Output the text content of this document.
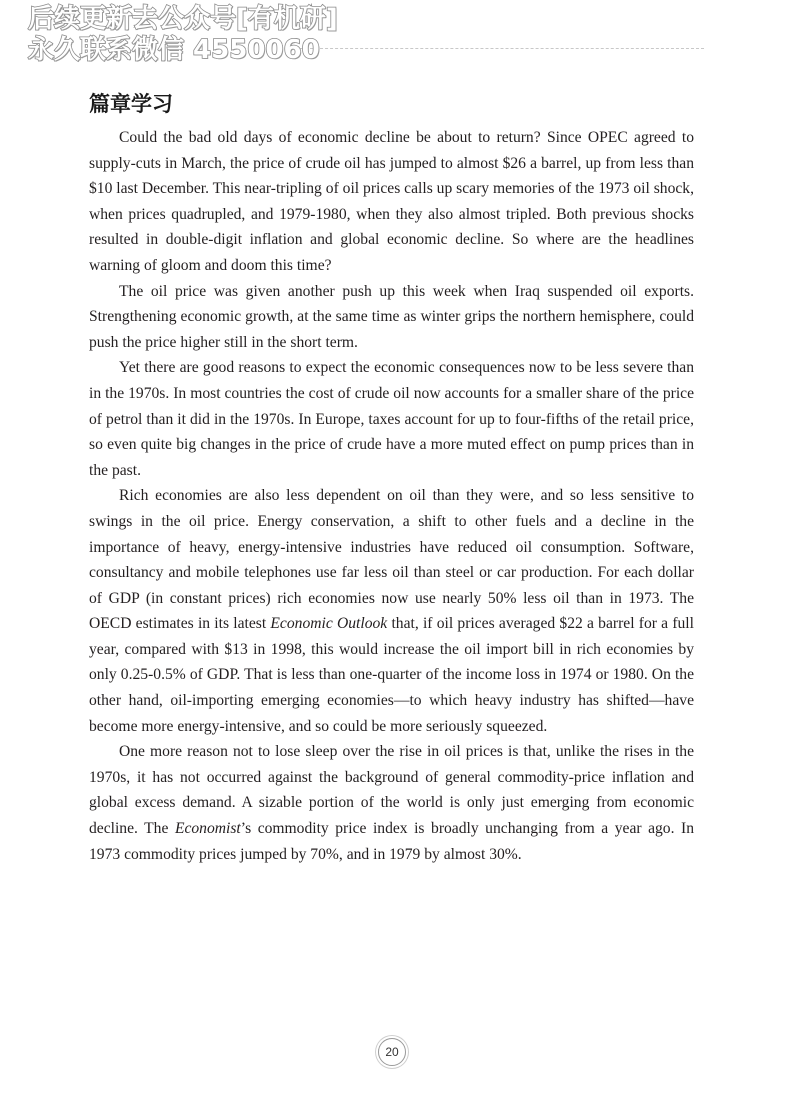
后续更新去公众号[有机研]
永久联系微信 4550060
篇章学习

Could the bad old days of economic decline be about to return? Since OPEC agreed to supply-cuts in March, the price of crude oil has jumped to almost $26 a barrel, up from less than $10 last December. This near-tripling of oil prices calls up scary memories of the 1973 oil shock, when prices quadrupled, and 1979-1980, when they also almost tripled. Both previous shocks resulted in double-digit inflation and global economic decline. So where are the headlines warning of gloom and doom this time?

The oil price was given another push up this week when Iraq suspended oil exports. Strengthening economic growth, at the same time as winter grips the northern hemisphere, could push the price higher still in the short term.

Yet there are good reasons to expect the economic consequences now to be less severe than in the 1970s. In most countries the cost of crude oil now accounts for a smaller share of the price of petrol than it did in the 1970s. In Europe, taxes account for up to four-fifths of the retail price, so even quite big changes in the price of crude have a more muted effect on pump prices than in the past.

Rich economies are also less dependent on oil than they were, and so less sensitive to swings in the oil price. Energy conservation, a shift to other fuels and a decline in the importance of heavy, energy-intensive industries have reduced oil consumption. Software, consultancy and mobile telephones use far less oil than steel or car production. For each dollar of GDP (in constant prices) rich economies now use nearly 50% less oil than in 1973. The OECD estimates in its latest Economic Outlook that, if oil prices averaged $22 a barrel for a full year, compared with $13 in 1998, this would increase the oil import bill in rich economies by only 0.25-0.5% of GDP. That is less than one-quarter of the income loss in 1974 or 1980. On the other hand, oil-importing emerging economies—to which heavy industry has shifted—have become more energy-intensive, and so could be more seriously squeezed.

One more reason not to lose sleep over the rise in oil prices is that, unlike the rises in the 1970s, it has not occurred against the background of general commodity-price inflation and global excess demand. A sizable portion of the world is only just emerging from economic decline. The Economist’s commodity price index is broadly unchanging from a year ago. In 1973 commodity prices jumped by 70%, and in 1979 by almost 30%.

20
